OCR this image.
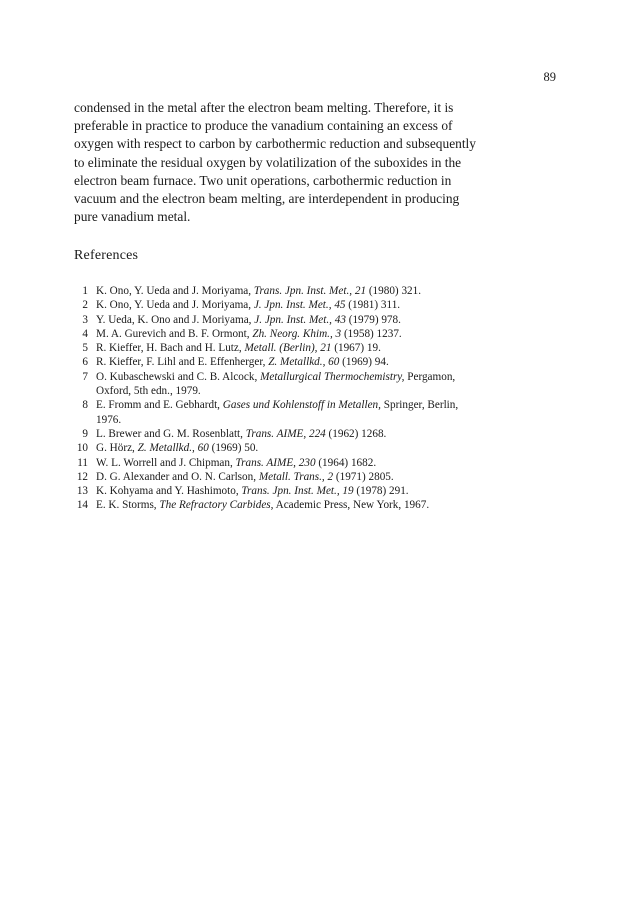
89

condensed in the metal after the electron beam melting. Therefore, it is
preferable in practice to produce the vanadium containing an excess of
oxygen with respect to carbon by carbothermic reduction and subsequently
to eliminate the residual oxygen by volatilization of the suboxides in the
electron beam furnace. Two unit operations, carbothermic reduction in
vacuum and the electron beam melting, are interdependent in producing
pure vanadium metal.

References
1 K. Ono, Y. Ueda and J. Moriyama, Trans. Jpn. Inst. Met., 21 (1980) 321.
2 K. Ono, Y. Ueda and J. Moriyama, J. Jpn. Inst. Met., 45 (1981) 311.
3 Y. Ueda, K. Ono and J. Moriyama, J. Jpn. Inst. Met., 43 (1979) 978.
4 M. A. Gurevich and B. F. Ormont, Zh. Neorg. Khim., 3 (1958) 1237.
5 R. Kieffer, H. Bach and H. Lutz, Metall. (Berlin), 21 (1967) 19.
6 R. Kieffer, F. Lihl and E. Effenherger, Z. Metallkd., 60 (1969) 94.
7 O. Kubaschewski and C. B. Alcock, Metallurgical Thermochemistry, Pergamon,
Oxford, 5th edn., 1979.
8 E. Fromm and E. Gebhardt, Gases und Kohlenstoff in Metallen, Springer, Berlin,
1976.
9 L. Brewer and G. M. Rosenblatt, Trans. AIME, 224 (1962) 1268.
10 G. Hörz, Z. Metallkd., 60 (1969) 50.
11 W. L. Worrell and J. Chipman, Trans. AIME, 230 (1964) 1682.
12 D. G. Alexander and O. N. Carlson, Metall. Trans., 2 (1971) 2805.
13 K. Kohyama and Y. Hashimoto, Trans. Jpn. Inst. Met., 19 (1978) 291.
14 E. K. Storms, The Refractory Carbides, Academic Press, New York, 1967.
